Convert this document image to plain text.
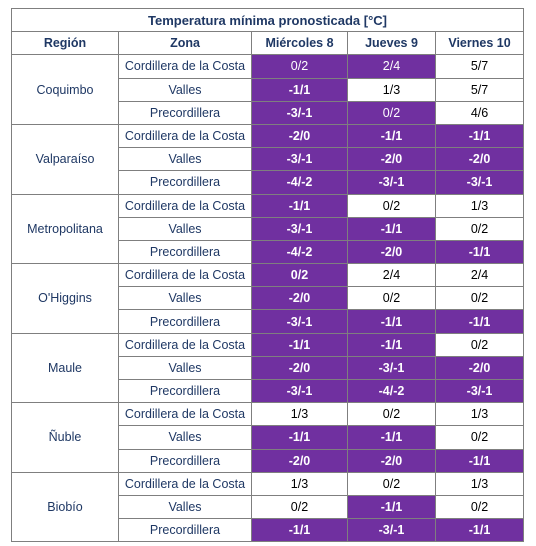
Temperatura mínima pronosticada [°C]				
Región	Zona	Miércoles 8	Jueves 9	Viernes 10
Coquimbo	Cordillera de la Costa	0/2	2/4	5/7
	Valles	-1/1	1/3	5/7
	Precordillera	-3/-1	0/2	4/6
Valparaíso	Cordillera de la Costa	-2/0	-1/1	-1/1
	Valles	-3/-1	-2/0	-2/0
	Precordillera	-4/-2	-3/-1	-3/-1
Metropolitana	Cordillera de la Costa	-1/1	0/2	1/3
	Valles	-3/-1	-1/1	0/2
	Precordillera	-4/-2	-2/0	-1/1
O'Higgins	Cordillera de la Costa	0/2	2/4	2/4
	Valles	-2/0	0/2	0/2
	Precordillera	-3/-1	-1/1	-1/1
Maule	Cordillera de la Costa	-1/1	-1/1	0/2
	Valles	-2/0	-3/-1	-2/0
	Precordillera	-3/-1	-4/-2	-3/-1
Ñuble	Cordillera de la Costa	1/3	0/2	1/3
	Valles	-1/1	-1/1	0/2
	Precordillera	-2/0	-2/0	-1/1
Biobío	Cordillera de la Costa	1/3	0/2	1/3
	Valles	0/2	-1/1	0/2
	Precordillera	-1/1	-3/-1	-1/1
